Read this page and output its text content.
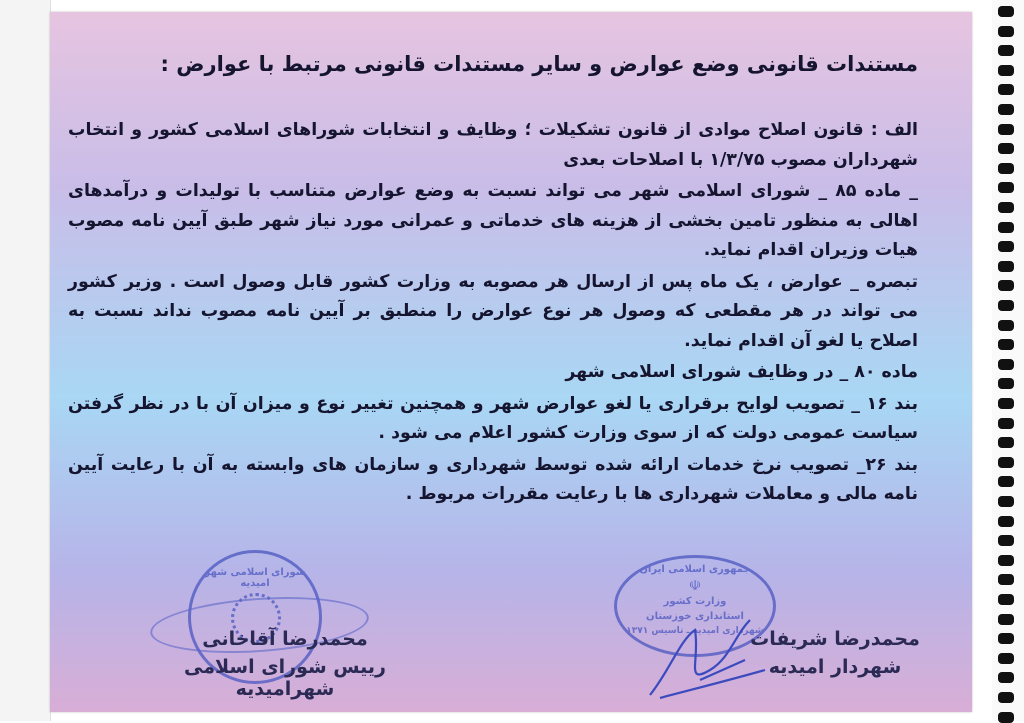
مستندات قانونی وضع عوارض و سایر مستندات قانونی مرتبط با عوارض :

الف : قانون اصلاح موادی از قانون تشکیلات ؛ وظایف و انتخابات شوراهای اسلامی کشور و انتخاب شهرداران مصوب ۱/۳/۷۵ با اصلاحات بعدی

_ ماده ۸۵ _ شورای اسلامی شهر می تواند نسبت به وضع عوارض متناسب با تولیدات و درآمدهای اهالی به منظور تامین بخشی از هزینه های خدماتی و عمرانی مورد نیاز شهر طبق آیین نامه مصوب هیات وزیران اقدام نماید.

تبصره _ عوارض ، یک ماه پس از ارسال هر مصوبه به وزارت کشور قابل وصول است . وزیر کشور می تواند در هر مقطعی که وصول هر نوع عوارض را منطبق بر آیین نامه مصوب نداند نسبت به اصلاح یا لغو آن اقدام نماید.

ماده ۸۰ _ در وظایف شورای اسلامی شهر

بند ۱۶ _ تصویب لوایح برقراری یا لغو عوارض شهر و همچنین تغییر نوع و میزان آن با در نظر گرفتن سیاست عمومی دولت که از سوی وزارت کشور اعلام می شود .

بند ۲۶_ تصویب نرخ خدمات ارائه شده توسط شهرداری و سازمان های وابسته به آن با رعایت آیین نامه مالی و معاملات شهرداری ها با رعایت مقررات مربوط .

شورای اسلامی شهر امیدیه
جمهوری اسلامی ایران
☫
وزارت کشور
استانداری خوزستان
شهرداری امیدیه ـ تاسیس ۱۳۷۱
محمدرضا آقاخانی
رییس شورای اسلامی شهرامیدیه
محمدرضا شریفات
شهردار امیدیه
